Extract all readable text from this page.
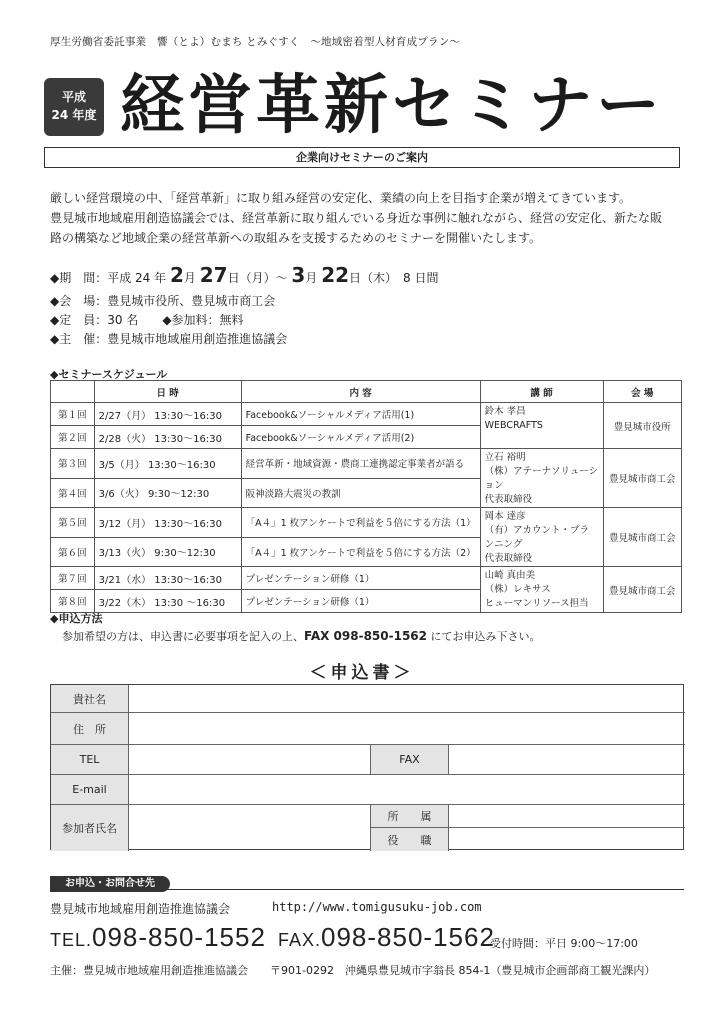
厚生労働省委託事業　響（とよ）むまち とみぐすく　～地域密着型人材育成プラン～
平成
24 年度 経営革新セミナー
企業向けセミナーのご案内
厳しい経営環境の中、「経営革新」に取り組み経営の安定化、業績の向上を目指す企業が増えてきています。
豊見城市地域雇用創造協議会では、経営革新に取り組んでいる身近な事例に触れながら、経営の安定化、新たな販
路の構築など地域企業の経営革新への取組みを支援するためのセミナーを開催いたします。
◆期　間：平成 24 年 2月 27日（月）～ 3月 22日（木）　8 日間
◆会　場：豊見城市役所、豊見城市商工会
◆定　員：30 名　　◆参加料：無料
◆主　催：豊見城市地域雇用創造推進協議会
◆セミナースケジュール
	日 時	内 容	講 師	会 場
第１回	2/27（月） 13:30～16:30	Facebook&ソーシャルメディア活用(1)	鈴木 孝昌
WEBCRAFTS	豊見城市役所
第２回	2/28（火） 13:30～16:30	Facebook&ソーシャルメディア活用(2)		
第３回	3/5（月） 13:30～16:30	経営革新・地域資源・農商工連携認定事業者が語る	立石 裕明
（株）アテーナソリューション
代表取締役	豊見城市商工会
第４回	3/6（火） 9:30～12:30	阪神淡路大震災の教訓		
第５回	3/12（月） 13:30～16:30	「A４」1 枚アンケートで利益を５倍にする方法（1）	岡本 達彦
（有）アカウント・プランニング
代表取締役	豊見城市商工会
第６回	3/13（火） 9:30～12:30	「A４」1 枚アンケートで利益を５倍にする方法（2）		
第７回	3/21（水） 13:30～16:30	プレゼンテーション研修（1）	山崎 真由美
（株）レキサス
ヒューマンリソース担当	豊見城市商工会
第８回	3/22（木） 13:30 ～16:30	プレゼンテーション研修（1）		
◆申込方法
参加希望の方は、申込書に必要事項を記入の上、FAX 098-850-1562 にてお申込み下さい。
＜申込書＞
貴社名
住　所
TEL	FAX
E-mail
参加者氏名
所　　属
役　　職
お申込・お問合せ先
豊見城市地域雇用創造推進協議会	http://www.tomigusuku-job.com
TEL.098-850-1552 FAX.098-850-1562
受付時間：平日 9:00～17:00
主催：豊見城市地域雇用創造推進協議会　　〒901-0292　沖縄県豊見城市字翁長 854-1（豊見城市企画部商工観光課内）
